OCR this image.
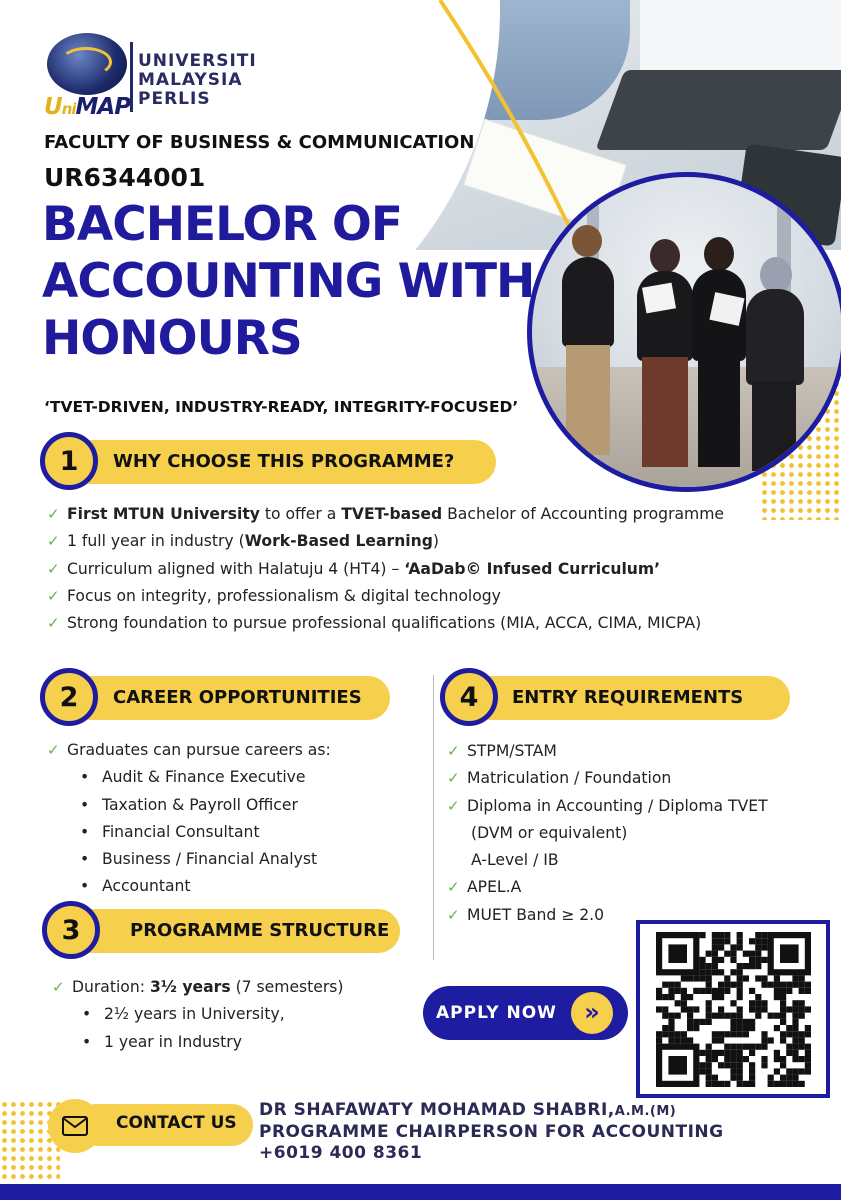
UNIVERSITI
MALAYSIA
PERLIS
UniMAP
FACULTY OF BUSINESS & COMMUNICATION
UR6344001
BACHELOR OF
ACCOUNTING WITH
HONOURS
‘TVET-DRIVEN, INDUSTRY-READY, INTEGRITY-FOCUSED’
1	WHY CHOOSE THIS PROGRAMME?
✓ First MTUN University to offer a TVET-based Bachelor of Accounting programme
✓ 1 full year in industry (Work-Based Learning)
✓ Curriculum aligned with Halatuju 4 (HT4) – ‘AaDab© Infused Curriculum’
✓ Focus on integrity, professionalism & digital technology
✓ Strong foundation to pursue professional qualifications (MIA, ACCA, CIMA, MICPA)
2	CAREER OPPORTUNITIES
✓ Graduates can pursue careers as:
• Audit & Finance Executive
• Taxation & Payroll Officer
• Financial Consultant
• Business / Financial Analyst
• Accountant
4	ENTRY REQUIREMENTS
✓ STPM/STAM
✓ Matriculation / Foundation
✓ Diploma in Accounting / Diploma TVET
(DVM or equivalent)
A-Level / IB
✓ APEL.A
✓ MUET Band ≥ 2.0
3	PROGRAMME STRUCTURE
✓ Duration: 3½ years (7 semesters)
• 2½ years in University,
• 1 year in Industry
APPLY NOW	»
CONTACT US
DR SHAFAWATY MOHAMAD SHABRI,A.M.(M)
PROGRAMME CHAIRPERSON FOR ACCOUNTING
+6019 400 8361
